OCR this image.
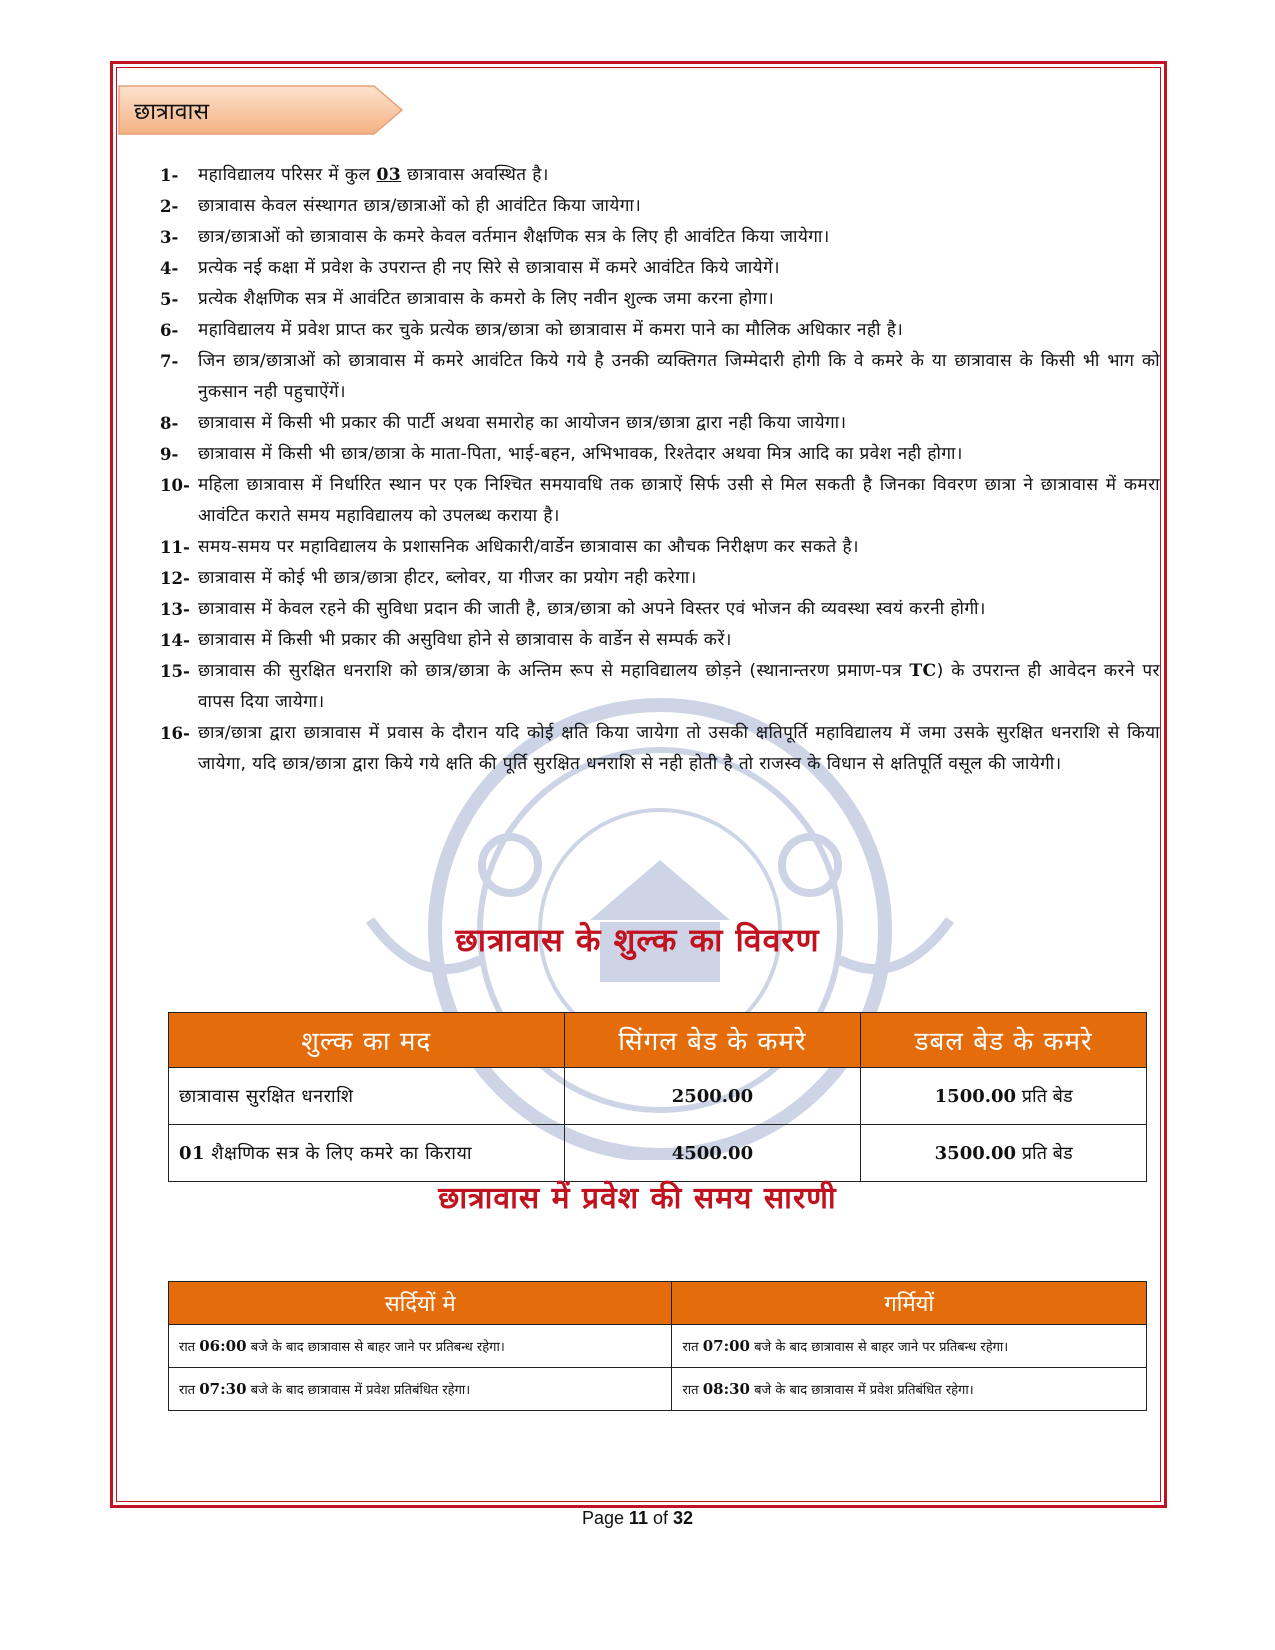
छात्रावास
1-	महाविद्यालय परिसर में कुल 03 छात्रावास अवस्थित है।
2-	छात्रावास केवल संस्थागत छात्र/छात्राओं को ही आवंटित किया जायेगा।
3-	छात्र/छात्राओं को छात्रावास के कमरे केवल वर्तमान शैक्षणिक सत्र के लिए ही आवंटित किया जायेगा।
4-	प्रत्येक नई कक्षा में प्रवेश के उपरान्त ही नए सिरे से छात्रावास में कमरे आवंटित किये जायेगें।
5-	प्रत्येक शैक्षणिक सत्र में आवंटित छात्रावास के कमरो के लिए नवीन शुल्क जमा करना होगा।
6-	महाविद्यालय में प्रवेश प्राप्त कर चुके प्रत्येक छात्र/छात्रा को छात्रावास में कमरा पाने का मौलिक अधिकार नही है।
7-	जिन छात्र/छात्राओं को छात्रावास में कमरे आवंटित किये गये है उनकी व्यक्तिगत जिम्मेदारी होगी कि वे कमरे के या छात्रावास के किसी भी भाग को नुकसान नही पहुचाऐंगें।
8-	छात्रावास में किसी भी प्रकार की पार्टी अथवा समारोह का आयोजन छात्र/छात्रा द्वारा नही किया जायेगा।
9-	छात्रावास में किसी भी छात्र/छात्रा के माता-पिता, भाई-बहन, अभिभावक, रिश्तेदार अथवा मित्र आदि का प्रवेश नही होगा।
10- महिला छात्रावास में निर्धारित स्थान पर एक निश्चित समयावधि तक छात्राऐं सिर्फ उसी से मिल सकती है जिनका विवरण छात्रा ने छात्रावास में कमरा आवंटित कराते समय महाविद्यालय को उपलब्ध कराया है।
11- समय-समय पर महाविद्यालय के प्रशासनिक अधिकारी/वार्डेन छात्रावास का औचक निरीक्षण कर सकते है।
12- छात्रावास में कोई भी छात्र/छात्रा हीटर, ब्लोवर, या गीजर का प्रयोग नही करेगा।
13- छात्रावास में केवल रहने की सुविधा प्रदान की जाती है, छात्र/छात्रा को अपने विस्तर एवं भोजन की व्यवस्था स्वयं करनी होगी।
14- छात्रावास में किसी भी प्रकार की असुविधा होने से छात्रावास के वार्डेन से सम्पर्क करें।
15- छात्रावास की सुरक्षित धनराशि को छात्र/छात्रा के अन्तिम रूप से महाविद्यालय छोड़ने (स्थानान्तरण प्रमाण-पत्र TC) के उपरान्त ही आवेदन करने पर वापस दिया जायेगा।
16- छात्र/छात्रा द्वारा छात्रावास में प्रवास के दौरान यदि कोई क्षति किया जायेगा तो उसकी क्षतिपूर्ति महाविद्यालय में जमा उसके सुरक्षित धनराशि से किया जायेगा, यदि छात्र/छात्रा द्वारा किये गये क्षति की पूर्ति सुरक्षित धनराशि से नही होती है तो राजस्व के विधान से क्षतिपूर्ति वसूल की जायेगी।
छात्रावास के शुल्क का विवरण
शुल्क का मद	सिंगल बेड के कमरे	डबल बेड के कमरे
छात्रावास सुरक्षित धनराशि	2500.00	1500.00 प्रति बेड
01 शैक्षणिक सत्र के लिए कमरे का किराया	4500.00	3500.00 प्रति बेड
छात्रावास में प्रवेश की समय सारणी
सर्दियों मे	गर्मियों
रात 06:00 बजे के बाद छात्रावास से बाहर जाने पर प्रतिबन्ध रहेगा।	रात 07:00 बजे के बाद छात्रावास से बाहर जाने पर प्रतिबन्ध रहेगा।
रात 07:30 बजे के बाद छात्रावास में प्रवेश प्रतिबंधित रहेगा।	रात 08:30 बजे के बाद छात्रावास में प्रवेश प्रतिबंधित रहेगा।
Page 11 of 32
